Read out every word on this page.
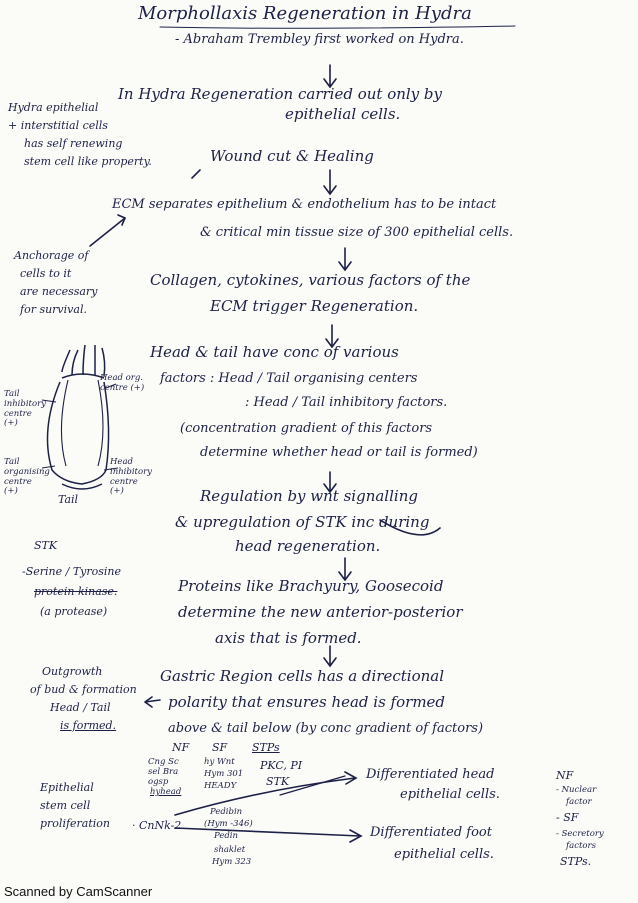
Morphollaxis Regeneration in Hydra
- Abraham Trembley first worked on Hydra.
In Hydra Regeneration carried out only by
epithelial cells.
Hydra epithelial
+ interstitial cells
has self renewing
stem cell like property.	Wound cut & Healing
ECM separates epithelium & endothelium has to be intact
& critical min tissue size of 300 epithelial cells.
Anchorage of
cells to it
are necessary
for survival.
Collagen, cytokines, various factors of the
ECM trigger Regeneration.
Head & tail have conc of various
factors : Head / Tail organising centers
: Head / Tail inhibitory factors.
(concentration gradient of this factors
determine whether head or tail is formed)
Head org. centre (+)
Tail inhibitory centre (+)
Tail organising centre (+)
Head inhibitory centre (+)
Tail	Regulation by wnt signalling
& upregulation of STK inc during
head regeneration.
STK
-Serine / Tyrosine
protein kinase.
(a protease)
Proteins like Brachyury, Goosecoid
determine the new anterior-posterior
axis that is formed.
Outgrowth
of bud & formation
Head / Tail
is formed.
Gastric Region cells has a directional
polarity that ensures head is formed
above & tail below (by conc gradient of factors)
NF SF STPs
Cng Sc
sel Bra
ogsp
hyhead
hy Wnt
Hym 301
HEADY
PKC, PI
STK
Pedibin
(Hym -346)
Pedin
shaklet
Hym 323
· CnNk-2
Epithelial
stem cell
proliferation
Differentiated head
epithelial cells.
Differentiated foot
epithelial cells.
NF
- Nuclear
factor
- SF
- Secretory
factors
STPs.
Scanned by CamScanner
